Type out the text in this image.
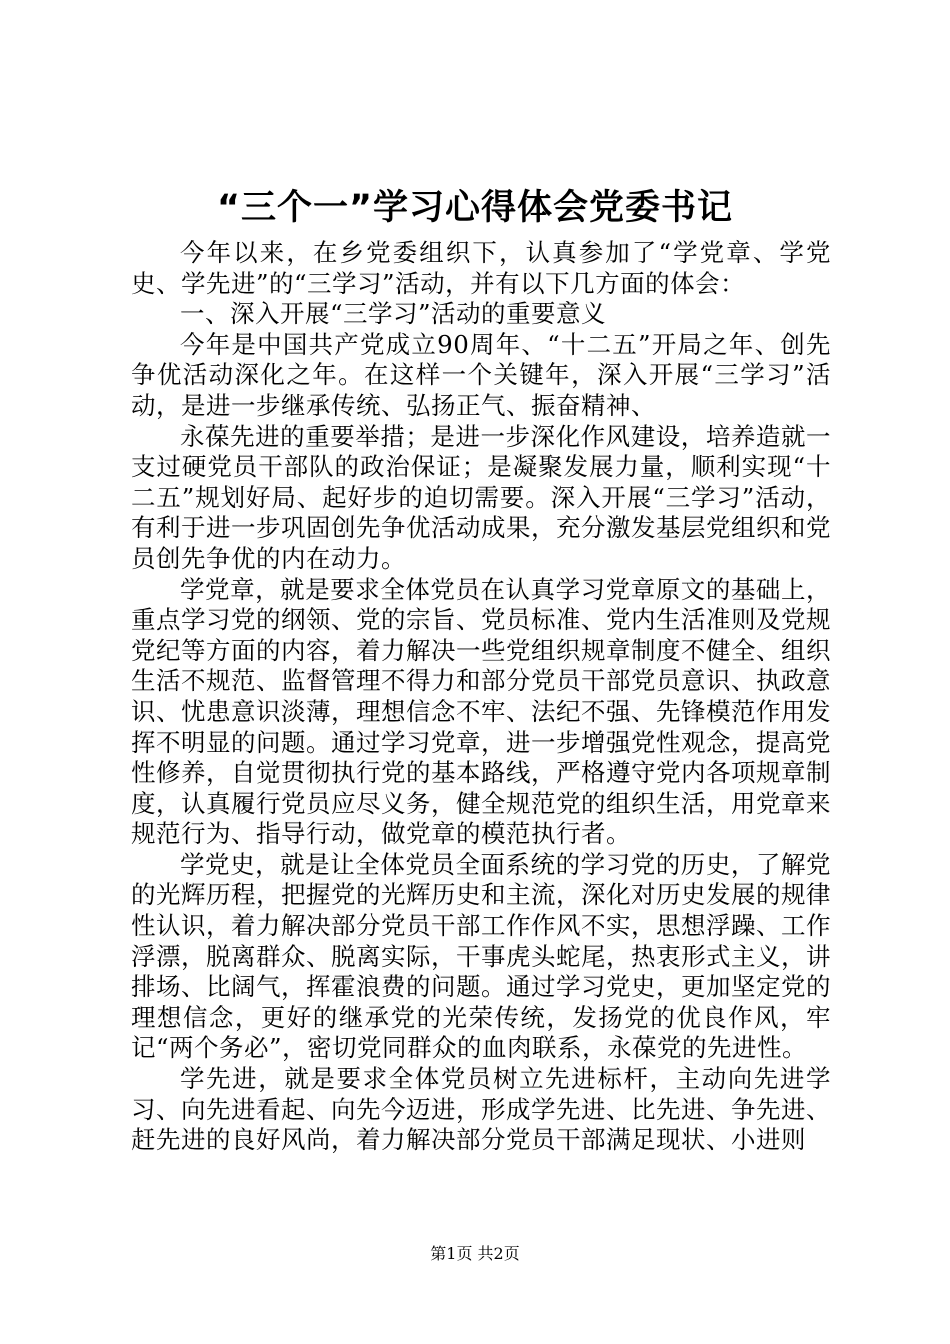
“三个一”学习心得体会党委书记

今年以来，在乡党委组织下，认真参加了“学党章、学党史、学先进”的“三学习”活动，并有以下几方面的体会：

一、深入开展“三学习”活动的重要意义

今年是中国共产党成立90周年、“十二五”开局之年、创先争优活动深化之年。在这样一个关键年，深入开展“三学习”活动，是进一步继承传统、弘扬正气、振奋精神、

永葆先进的重要举措；是进一步深化作风建设，培养造就一支过硬党员干部队的政治保证；是凝聚发展力量，顺利实现“十二五”规划好局、起好步的迫切需要。深入开展“三学习”活动，有利于进一步巩固创先争优活动成果，充分激发基层党组织和党员创先争优的内在动力。

学党章，就是要求全体党员在认真学习党章原文的基础上，重点学习党的纲领、党的宗旨、党员标准、党内生活准则及党规党纪等方面的内容，着力解决一些党组织规章制度不健全、组织生活不规范、监督管理不得力和部分党员干部党员意识、执政意识、忧患意识淡薄，理想信念不牢、法纪不强、先锋模范作用发挥不明显的问题。通过学习党章，进一步增强党性观念，提高党性修养，自觉贯彻执行党的基本路线，严格遵守党内各项规章制度，认真履行党员应尽义务，健全规范党的组织生活，用党章来规范行为、指导行动，做党章的模范执行者。

学党史，就是让全体党员全面系统的学习党的历史，了解党的光辉历程，把握党的光辉历史和主流，深化对历史发展的规律性认识，着力解决部分党员干部工作作风不实，思想浮躁、工作浮漂，脱离群众、脱离实际，干事虎头蛇尾，热衷形式主义，讲排场、比阔气，挥霍浪费的问题。通过学习党史，更加坚定党的理想信念，更好的继承党的光荣传统，发扬党的优良作风，牢记“两个务必”，密切党同群众的血肉联系，永葆党的先进性。

学先进，就是要求全体党员树立先进标杆，主动向先进学习、向先进看起、向先今迈进，形成学先进、比先进、争先进、赶先进的良好风尚，着力解决部分党员干部满足现状、小进则

第1页 共2页
